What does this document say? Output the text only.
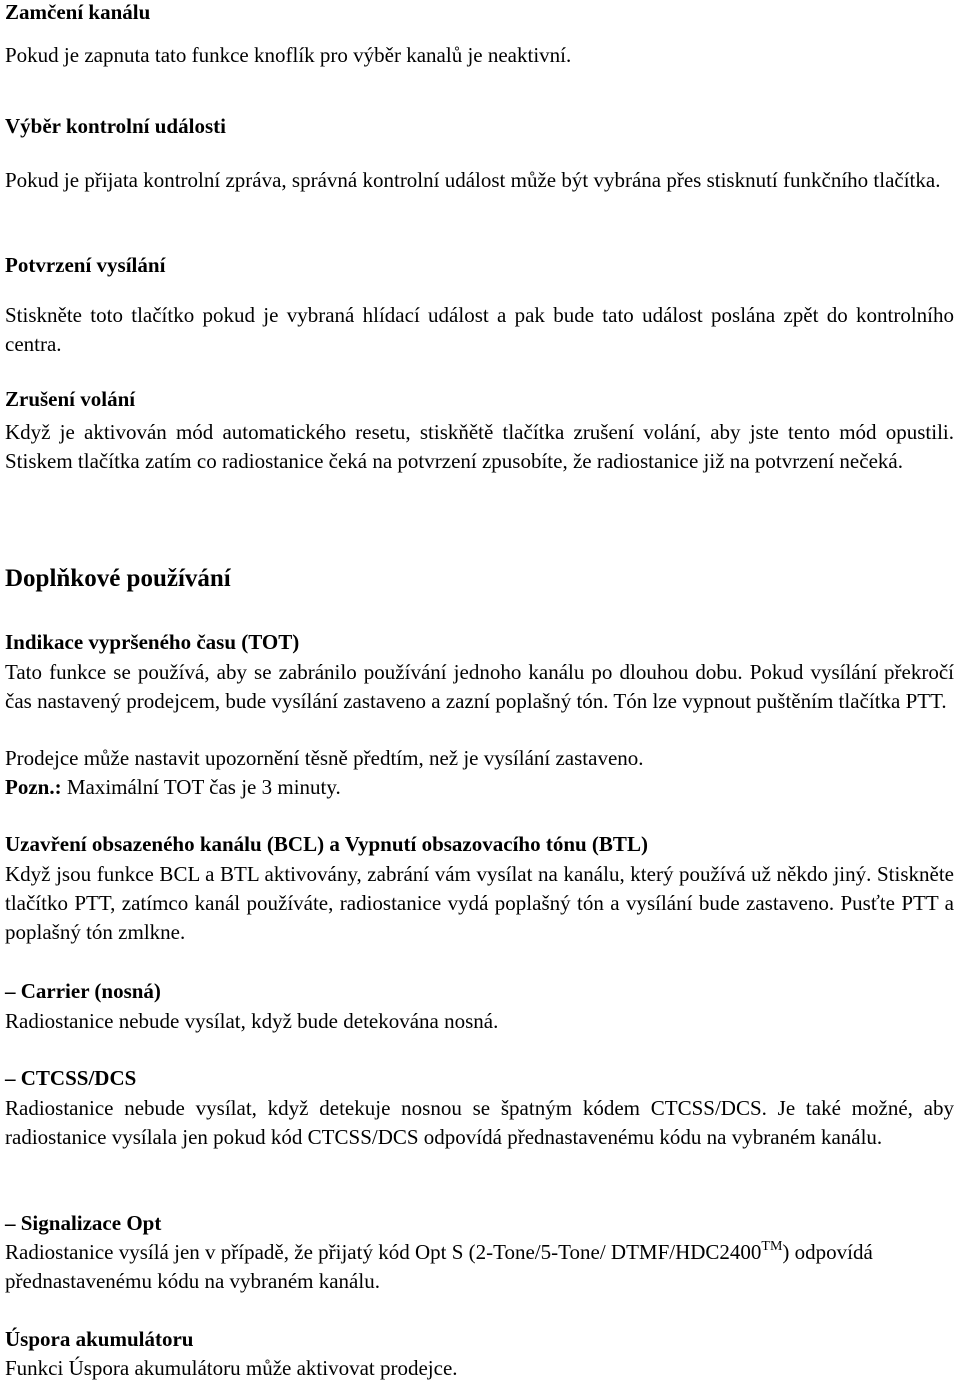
Zamčení kanálu

Pokud je zapnuta tato funkce knoflík pro výběr kanalů je neaktivní.

Výběr kontrolní události

Pokud je přijata kontrolní zpráva, správná kontrolní událost může být vybrána přes stisknutí funkčního tlačítka.

Potvrzení vysílání

Stiskněte toto tlačítko pokud je vybraná hlídací událost a pak bude tato událost poslána zpět do kontrolního centra.

Zrušení volání

Když je aktivován mód automatického resetu, stiskňětě tlačítka zrušení volání, aby jste tento mód opustili. Stiskem tlačítka zatím co radiostanice čeká na potvrzení zpusobíte, že radiostanice již na potvrzení nečeká.

Doplňkové používání
Indikace vypršeného času (TOT)

Tato funkce se používá, aby se zabránilo používání jednoho kanálu po dlouhou dobu. Pokud vysílání překročí čas nastavený prodejcem, bude vysílání zastaveno a zazní poplašný tón. Tón lze vypnout puštěním tlačítka PTT.

Prodejce může nastavit upozornění těsně předtím, než je vysílání zastaveno.

Pozn.: Maximální TOT čas je 3 minuty.

Uzavření obsazeného kanálu (BCL) a Vypnutí obsazovacího tónu (BTL)

Když jsou funkce BCL a BTL aktivovány, zabrání vám vysílat na kanálu, který používá už někdo jiný. Stiskněte tlačítko PTT, zatímco kanál používáte, radiostanice vydá poplašný tón a vysílání bude zastaveno. Pusťte PTT a poplašný tón zmlkne.

– Carrier (nosná)

Radiostanice nebude vysílat, když bude detekována nosná.

– CTCSS/DCS

Radiostanice nebude vysílat, když detekuje nosnou se špatným kódem CTCSS/DCS. Je také možné, aby radiostanice vysílala jen pokud kód CTCSS/DCS odpovídá přednastavenému kódu na vybraném kanálu.

– Signalizace Opt

Radiostanice vysílá jen v případě, že přijatý kód Opt S (2-Tone/5-Tone/ DTMF/HDC2400™) odpovídá přednastavenému kódu na vybraném kanálu.

Úspora akumulátoru

Funkci Úspora akumulátoru může aktivovat prodejce.
